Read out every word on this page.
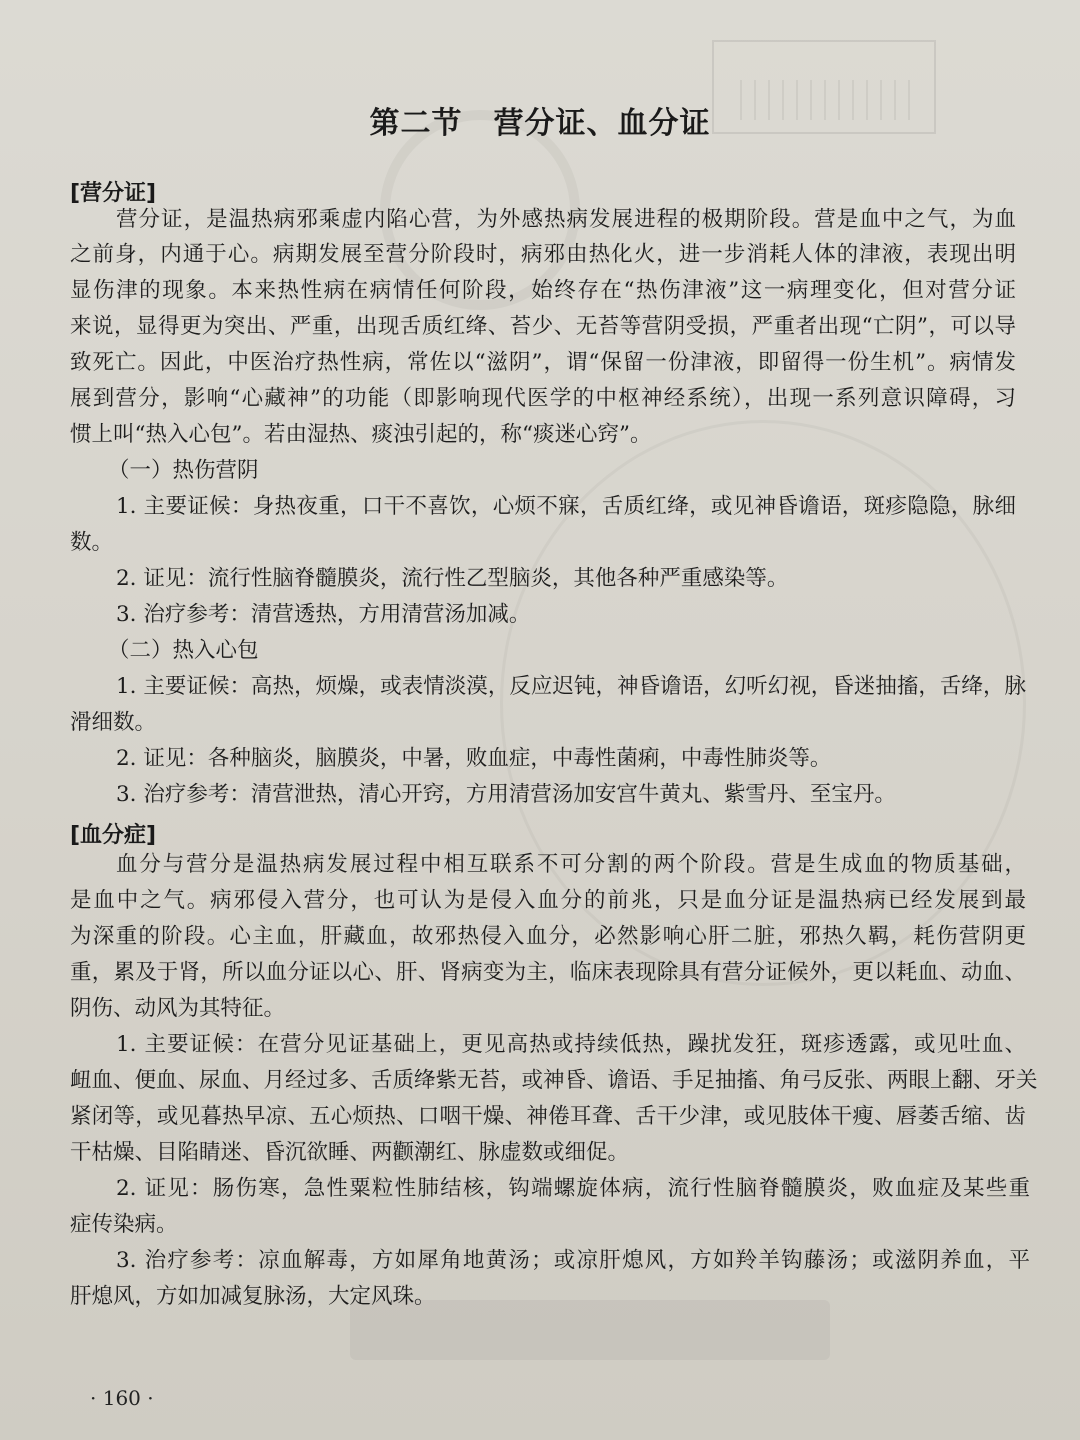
第二节　营分证、血分证
[营分证]
营分证，是温热病邪乘虚内陷心营，为外感热病发展进程的极期阶段。营是血中之气，为血
之前身，内通于心。病期发展至营分阶段时，病邪由热化火，进一步消耗人体的津液，表现出明
显伤津的现象。本来热性病在病情任何阶段，始终存在“热伤津液”这一病理变化，但对营分证
来说，显得更为突出、严重，出现舌质红绛、苔少、无苔等营阴受损，严重者出现“亡阴”，可以导
致死亡。因此，中医治疗热性病，常佐以“滋阴”，谓“保留一份津液，即留得一份生机”。病情发
展到营分，影响“心藏神”的功能（即影响现代医学的中枢神经系统），出现一系列意识障碍，习
惯上叫“热入心包”。若由湿热、痰浊引起的，称“痰迷心窍”。
（一）热伤营阴
1. 主要证候：身热夜重，口干不喜饮，心烦不寐，舌质红绛，或见神昏谵语，斑疹隐隐，脉细
数。
2. 证见：流行性脑脊髓膜炎，流行性乙型脑炎，其他各种严重感染等。
3. 治疗参考：清营透热，方用清营汤加减。
（二）热入心包
1. 主要证候：高热，烦燥，或表情淡漠，反应迟钝，神昏谵语，幻听幻视，昏迷抽搐，舌绛，脉
滑细数。
2. 证见：各种脑炎，脑膜炎，中暑，败血症，中毒性菌痢，中毒性肺炎等。
3. 治疗参考：清营泄热，清心开窍，方用清营汤加安宫牛黄丸、紫雪丹、至宝丹。
[血分症]
血分与营分是温热病发展过程中相互联系不可分割的两个阶段。营是生成血的物质基础，
是血中之气。病邪侵入营分，也可认为是侵入血分的前兆，只是血分证是温热病已经发展到最
为深重的阶段。心主血，肝藏血，故邪热侵入血分，必然影响心肝二脏，邪热久羁，耗伤营阴更
重，累及于肾，所以血分证以心、肝、肾病变为主，临床表现除具有营分证候外，更以耗血、动血、
阴伤、动风为其特征。
1. 主要证候：在营分见证基础上，更见高热或持续低热，躁扰发狂，斑疹透露，或见吐血、
衄血、便血、尿血、月经过多、舌质绛紫无苔，或神昏、谵语、手足抽搐、角弓反张、两眼上翻、牙关
紧闭等，或见暮热早凉、五心烦热、口咽干燥、神倦耳聋、舌干少津，或见肢体干瘦、唇萎舌缩、齿
干枯燥、目陷睛迷、昏沉欲睡、两颧潮红、脉虚数或细促。
2. 证见：肠伤寒，急性粟粒性肺结核，钩端螺旋体病，流行性脑脊髓膜炎，败血症及某些重
症传染病。
3. 治疗参考：凉血解毒，方如犀角地黄汤；或凉肝熄风，方如羚羊钩藤汤；或滋阴养血，平
肝熄风，方如加减复脉汤，大定风珠。
· 160 ·
